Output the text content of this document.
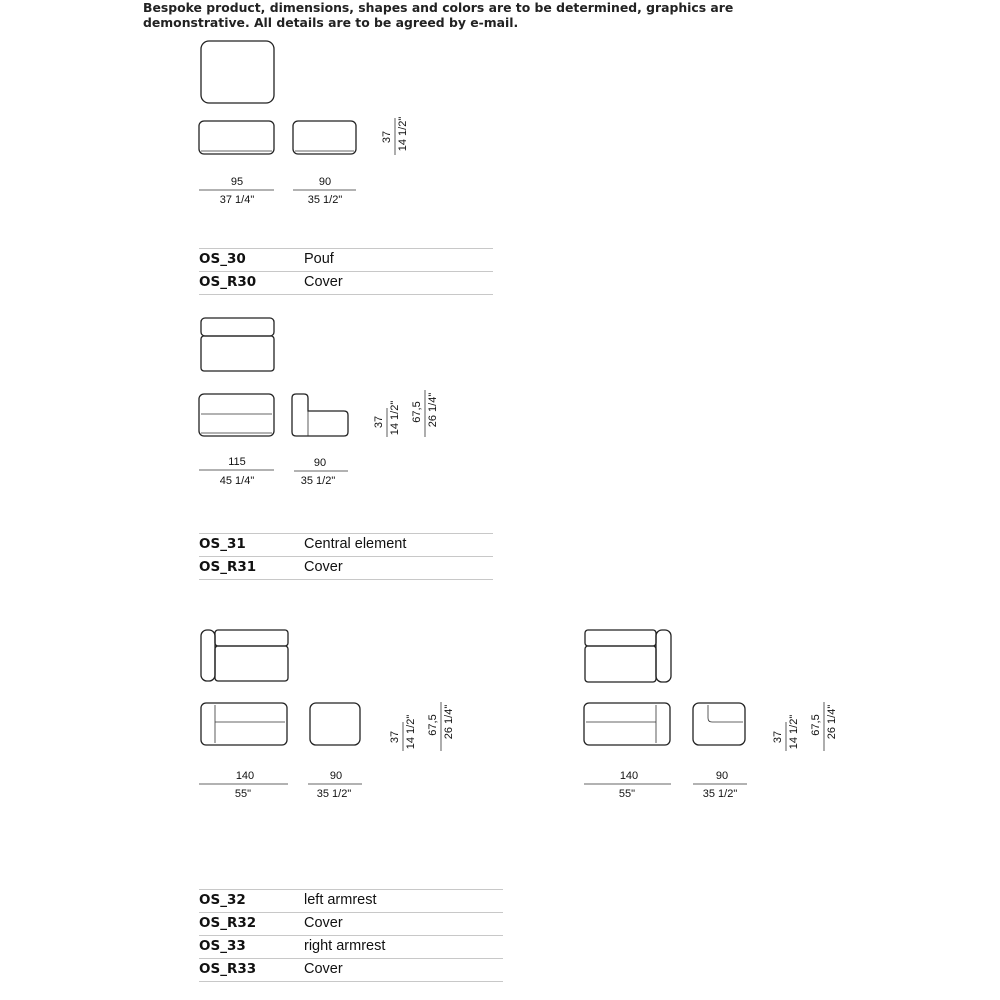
Bespoke product, dimensions, shapes and colors are to be determined, graphics are demonstrative. All details are to be agreed by e-mail.
95
37 1/4"
90
35 1/2"
37 14 1/2"
115
45 1/4"
90
35 1/2"
37 14 1/2" 67,5 26 1/4"
140
55"
90
35 1/2"
37 14 1/2" 67,5 26 1/4"
140
55"
90
35 1/2"
37 14 1/2" 67,5 26 1/4"
OS_30	Pouf
OS_R30	Cover
OS_31	Central element
OS_R31	Cover
OS_32	left armrest
OS_R32	Cover
OS_33	right armrest
OS_R33	Cover
